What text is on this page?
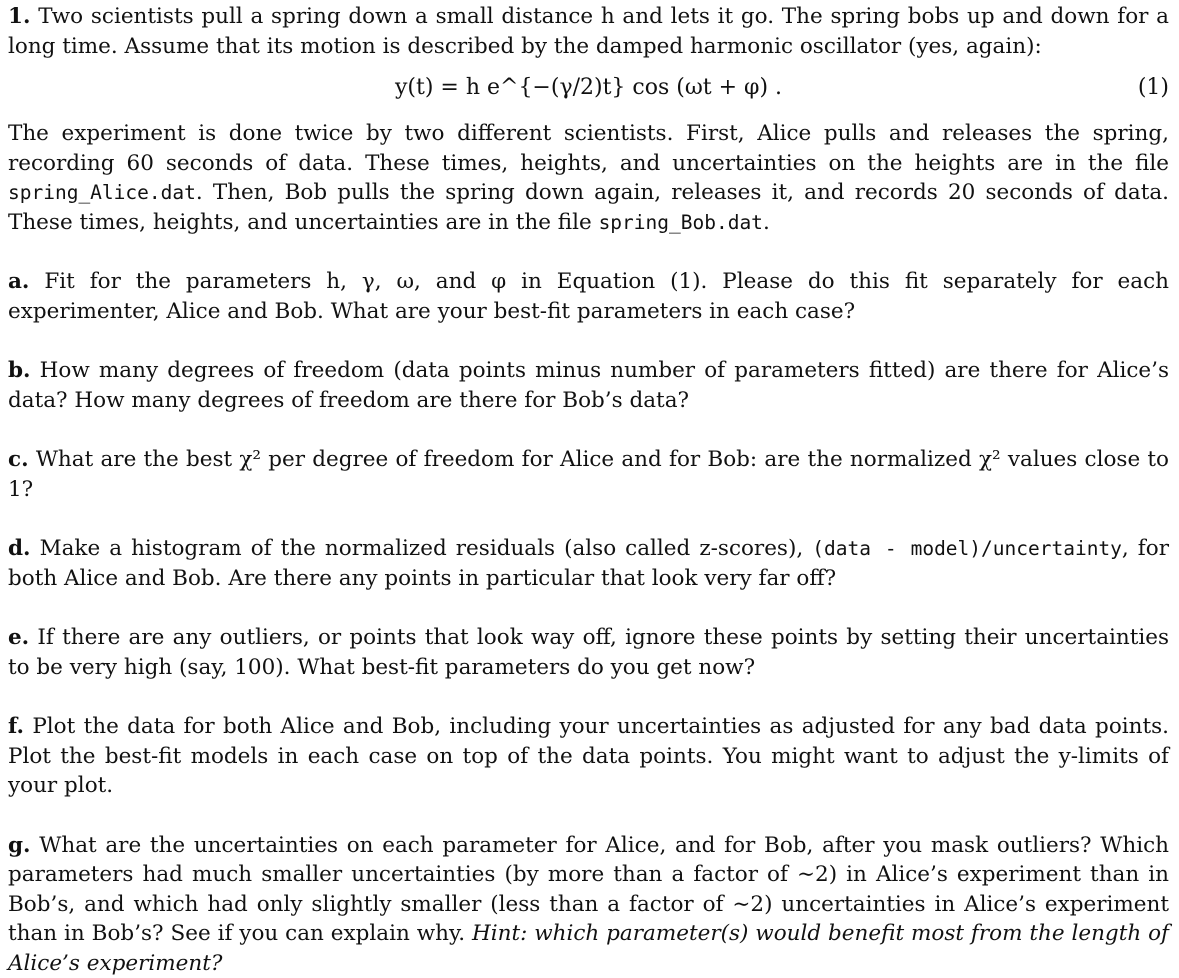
1. Two scientists pull a spring down a small distance h and lets it go. The spring bobs up and down for a long time. Assume that its motion is described by the damped harmonic oscillator (yes, again):

y(t) = h e^{−(γ/2)t} cos (ωt + φ) .	(1)

The experiment is done twice by two different scientists. First, Alice pulls and releases the spring, recording 60 seconds of data. These times, heights, and uncertainties on the heights are in the file spring_Alice.dat. Then, Bob pulls the spring down again, releases it, and records 20 seconds of data. These times, heights, and uncertainties are in the file spring_Bob.dat.

a. Fit for the parameters h, γ, ω, and φ in Equation (1). Please do this fit separately for each experimenter, Alice and Bob. What are your best-fit parameters in each case?

b. How many degrees of freedom (data points minus number of parameters fitted) are there for Alice’s data? How many degrees of freedom are there for Bob’s data?

c. What are the best χ² per degree of freedom for Alice and for Bob: are the normalized χ² values close to 1?

d. Make a histogram of the normalized residuals (also called z-scores), (data - model)/uncertainty, for both Alice and Bob. Are there any points in particular that look very far off?

e. If there are any outliers, or points that look way off, ignore these points by setting their uncertainties to be very high (say, 100). What best-fit parameters do you get now?

f. Plot the data for both Alice and Bob, including your uncertainties as adjusted for any bad data points. Plot the best-fit models in each case on top of the data points. You might want to adjust the y-limits of your plot.

g. What are the uncertainties on each parameter for Alice, and for Bob, after you mask outliers? Which parameters had much smaller uncertainties (by more than a factor of ∼2) in Alice’s experiment than in Bob’s, and which had only slightly smaller (less than a factor of ∼2) uncertainties in Alice’s experiment than in Bob’s? See if you can explain why. Hint: which parameter(s) would benefit most from the length of Alice’s experiment?
